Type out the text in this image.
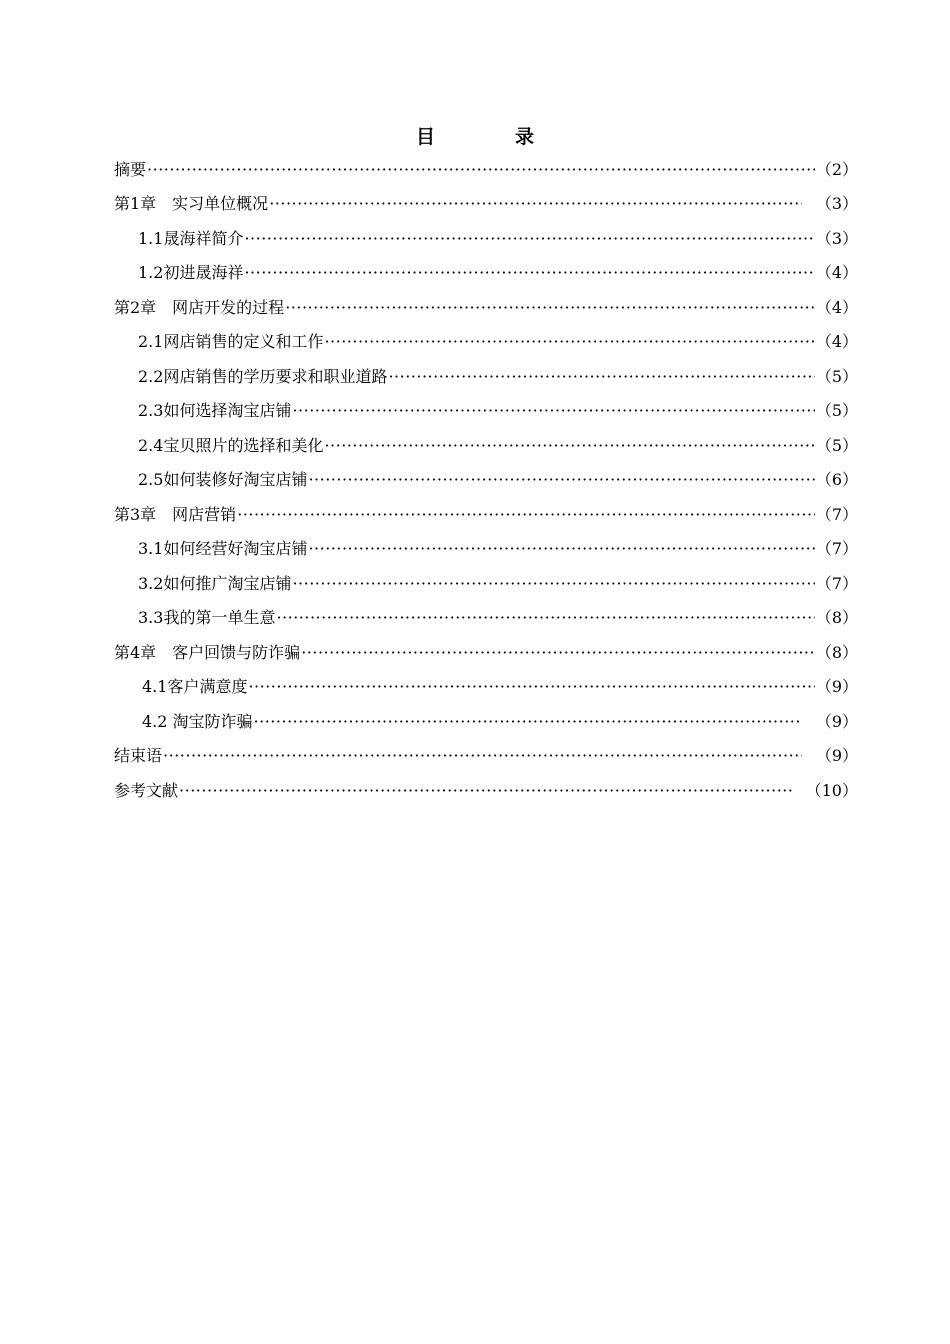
目	录
摘要 ·····	（2）
第1章　实习单位概况 ·····	（3）
1.1晟海祥简介 ·····	（3）
1.2初进晟海祥 ·····	（4）
第2章　网店开发的过程 ·····	（4）
2.1网店销售的定义和工作 ·····	（4）
2.2网店销售的学历要求和职业道路 ·····	（5）
2.3如何选择淘宝店铺 ·····	（5）
2.4宝贝照片的选择和美化 ·····	（5）
2.5如何装修好淘宝店铺 ·····	（6）
第3章　网店营销 ·····	（7）
3.1如何经营好淘宝店铺 ·····	（7）
3.2如何推广淘宝店铺 ·····	（7）
3.3我的第一单生意 ·····	（8）
第4章　客户回馈与防诈骗 ·····	（8）
4.1客户满意度 ·····	（9）
4.2 淘宝防诈骗 ·····	（9）
结束语 ·····	（9）
参考文献 ·····	（10）
